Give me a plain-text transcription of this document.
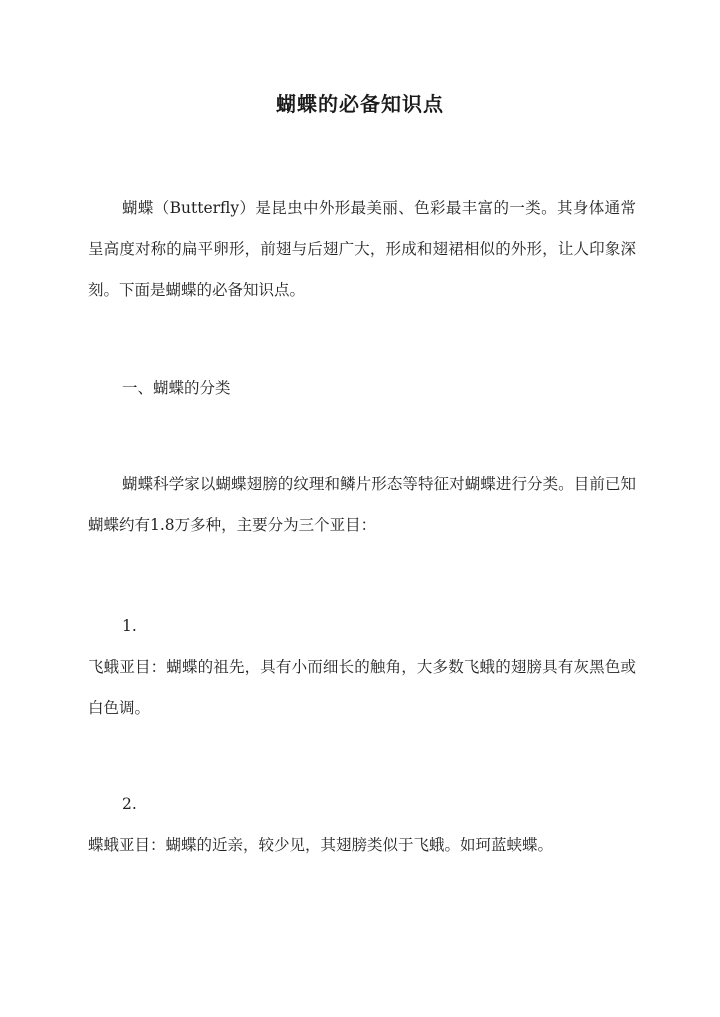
蝴蝶的必备知识点
蝴蝶（Butterfly）是昆虫中外形最美丽、色彩最丰富的一类。其身体通常呈高度对称的扁平卵形，前翅与后翅广大，形成和翅裙相似的外形，让人印象深刻。下面是蝴蝶的必备知识点。
一、蝴蝶的分类
蝴蝶科学家以蝴蝶翅膀的纹理和鳞片形态等特征对蝴蝶进行分类。目前已知蝴蝶约有1.8万多种，主要分为三个亚目：
1.
飞蛾亚目：蝴蝶的祖先，具有小而细长的触角，大多数飞蛾的翅膀具有灰黑色或白色调。
2.
蝶蛾亚目：蝴蝶的近亲，较少见，其翅膀类似于飞蛾。如珂蓝蛱蝶。
